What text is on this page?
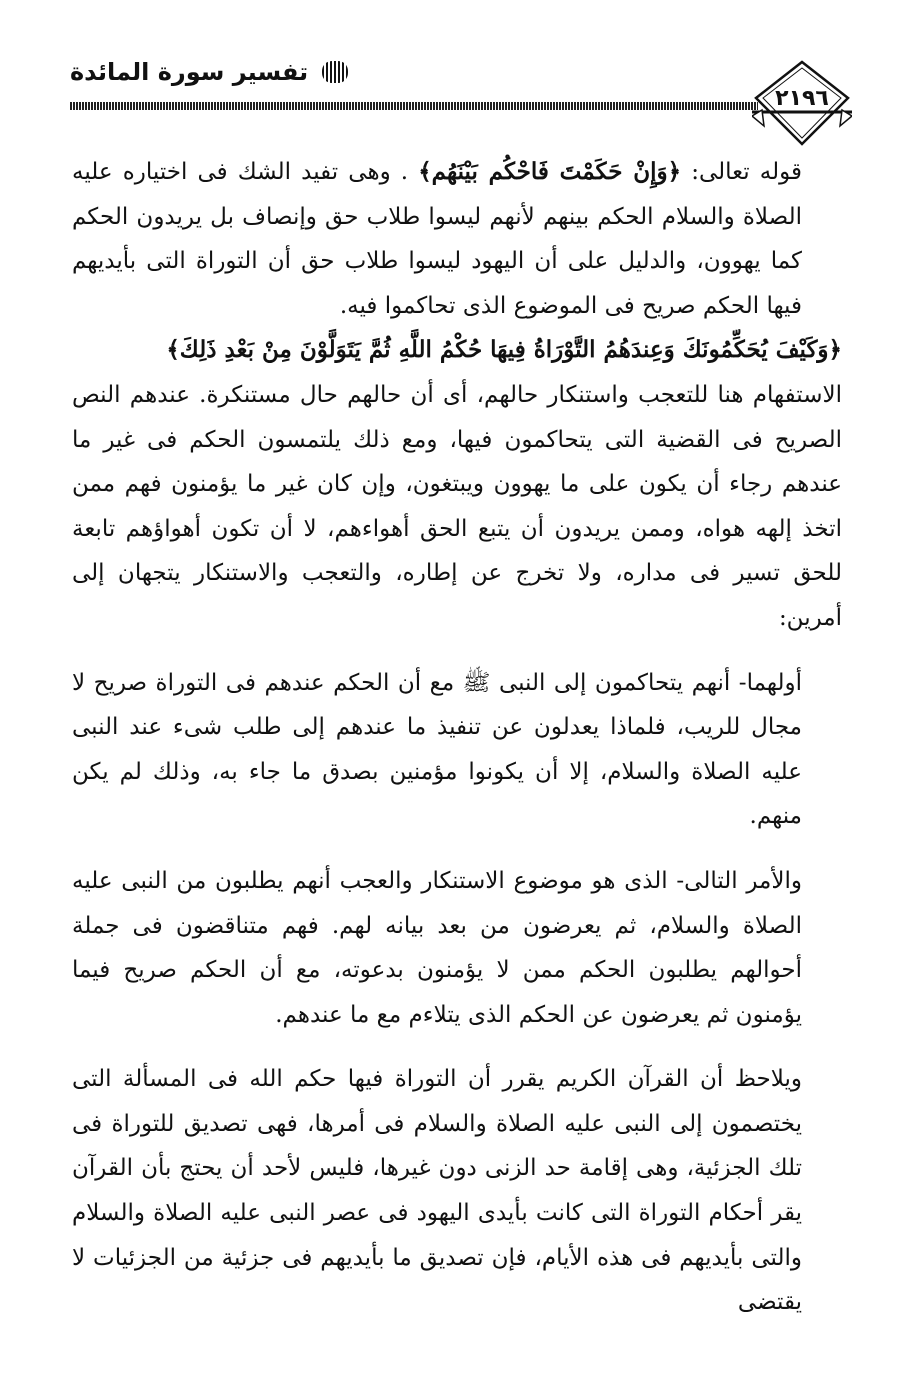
تفسير سورة المائدة
٢١٩٦

قوله تعالى: ﴿وَإِنْ حَكَمْتَ فَاحْكُم بَيْنَهُم﴾ . وهى تفيد الشك فى اختياره عليه الصلاة والسلام الحكم بينهم لأنهم ليسوا طلاب حق وإنصاف بل يريدون الحكم كما يهوون، والدليل على أن اليهود ليسوا طلاب حق أن التوراة التى بأيديهم فيها الحكم صريح فى الموضوع الذى تحاكموا فيه.

﴿وَكَيْفَ يُحَكِّمُونَكَ وَعِندَهُمُ التَّوْرَاةُ فِيهَا حُكْمُ اللَّهِ ثُمَّ يَتَوَلَّوْنَ مِنْ بَعْدِ ذَلِكَ﴾

الاستفهام هنا للتعجب واستنكار حالهم، أى أن حالهم حال مستنكرة. عندهم النص الصريح فى القضية التى يتحاكمون فيها، ومع ذلك يلتمسون الحكم فى غير ما عندهم رجاء أن يكون على ما يهوون ويبتغون، وإن كان غير ما يؤمنون فهم ممن اتخذ إلهه هواه، وممن يريدون أن يتبع الحق أهواءهم، لا أن تكون أهواؤهم تابعة للحق تسير فى مداره، ولا تخرج عن إطاره، والتعجب والاستنكار يتجهان إلى أمرين:

أولهما- أنهم يتحاكمون إلى النبى ﷺ مع أن الحكم عندهم فى التوراة صريح لا مجال للريب، فلماذا يعدلون عن تنفيذ ما عندهم إلى طلب شىء عند النبى عليه الصلاة والسلام، إلا أن يكونوا مؤمنين بصدق ما جاء به، وذلك لم يكن منهم.

والأمر التالى- الذى هو موضوع الاستنكار والعجب أنهم يطلبون من النبى عليه الصلاة والسلام، ثم يعرضون من بعد بيانه لهم. فهم متناقضون فى جملة أحوالهم يطلبون الحكم ممن لا يؤمنون بدعوته، مع أن الحكم صريح فيما يؤمنون ثم يعرضون عن الحكم الذى يتلاءم مع ما عندهم.

ويلاحظ أن القرآن الكريم يقرر أن التوراة فيها حكم الله فى المسألة التى يختصمون إلى النبى عليه الصلاة والسلام فى أمرها، فهى تصديق للتوراة فى تلك الجزئية، وهى إقامة حد الزنى دون غيرها، فليس لأحد أن يحتج بأن القرآن يقر أحكام التوراة التى كانت بأيدى اليهود فى عصر النبى عليه الصلاة والسلام والتى بأيديهم فى هذه الأيام، فإن تصديق ما بأيديهم فى جزئية من الجزئيات لا يقتضى
